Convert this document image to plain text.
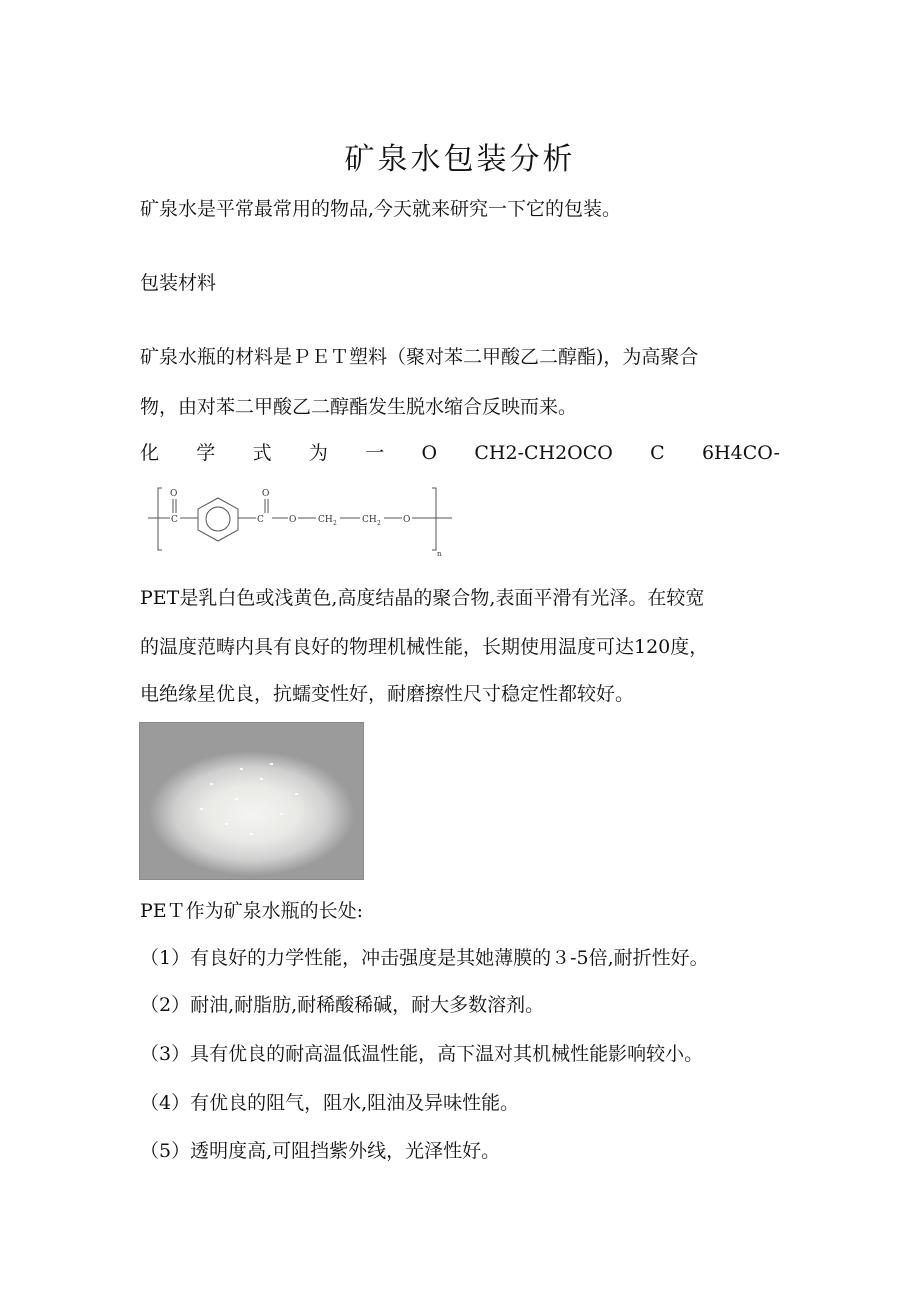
矿泉水包装分析
矿泉水是平常最常用的物品,今天就来研究一下它的包装。
包装材料
矿泉水瓶的材料是ＰＥＴ塑料（聚对苯二甲酸乙二醇酯)，为高聚合
物，由对苯二甲酸乙二醇酯发生脱水缩合反映而来。
化 学 式 为 一 O CH2-CH2OCO C 6H4CO-
O
C
O
C	O CH 2	CH 2 O
n
PET是乳白色或浅黄色,高度结晶的聚合物,表面平滑有光泽。在较宽
的温度范畴内具有良好的物理机械性能，长期使用温度可达120度，
电绝缘星优良，抗蠕变性好，耐磨擦性尺寸稳定性都较好。
PEＴ作为矿泉水瓶的长处:
（1）有良好的力学性能，冲击强度是其她薄膜的３-5倍,耐折性好。
（2）耐油,耐脂肪,耐稀酸稀碱，耐大多数溶剂。
（3）具有优良的耐高温低温性能，高下温对其机械性能影响较小。
（4）有优良的阻气，阻水,阻油及异味性能。
（5）透明度高,可阻挡紫外线，光泽性好。
